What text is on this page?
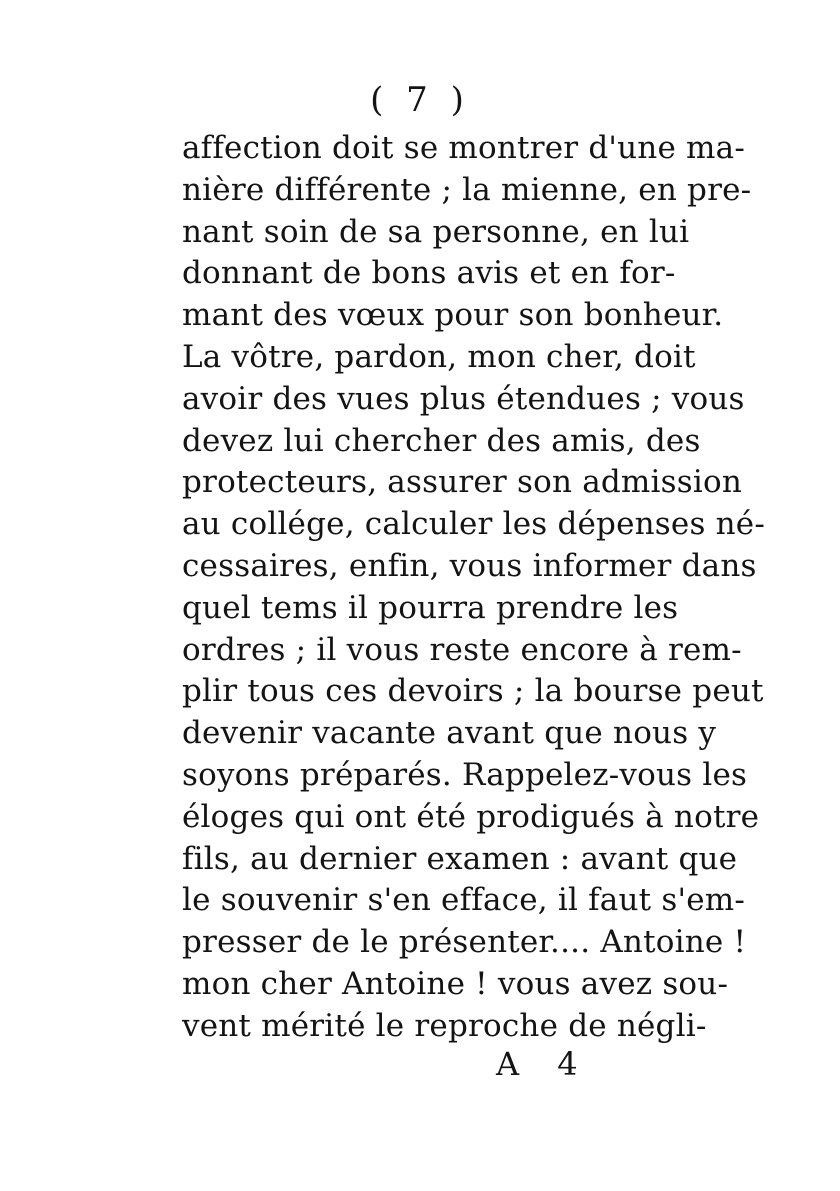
( 7 )
affection doit se montrer d'une ma-
nière différente ; la mienne, en pre-
nant soin de sa personne, en lui
donnant de bons avis et en for-
mant des vœux pour son bonheur.
La vôtre, pardon, mon cher, doit
avoir des vues plus étendues ; vous
devez lui chercher des amis, des
protecteurs, assurer son admission
au collége, calculer les dépenses né-
cessaires, enfin, vous informer dans
quel tems il pourra prendre les
ordres ; il vous reste encore à rem-
plir tous ces devoirs ; la bourse peut
devenir vacante avant que nous y
soyons préparés. Rappelez-vous les
éloges qui ont été prodigués à notre
fils, au dernier examen : avant que
le souvenir s'en efface, il faut s'em-
presser de le présenter.... Antoine !
mon cher Antoine ! vous avez sou-
vent mérité le reproche de négli-
A 4
